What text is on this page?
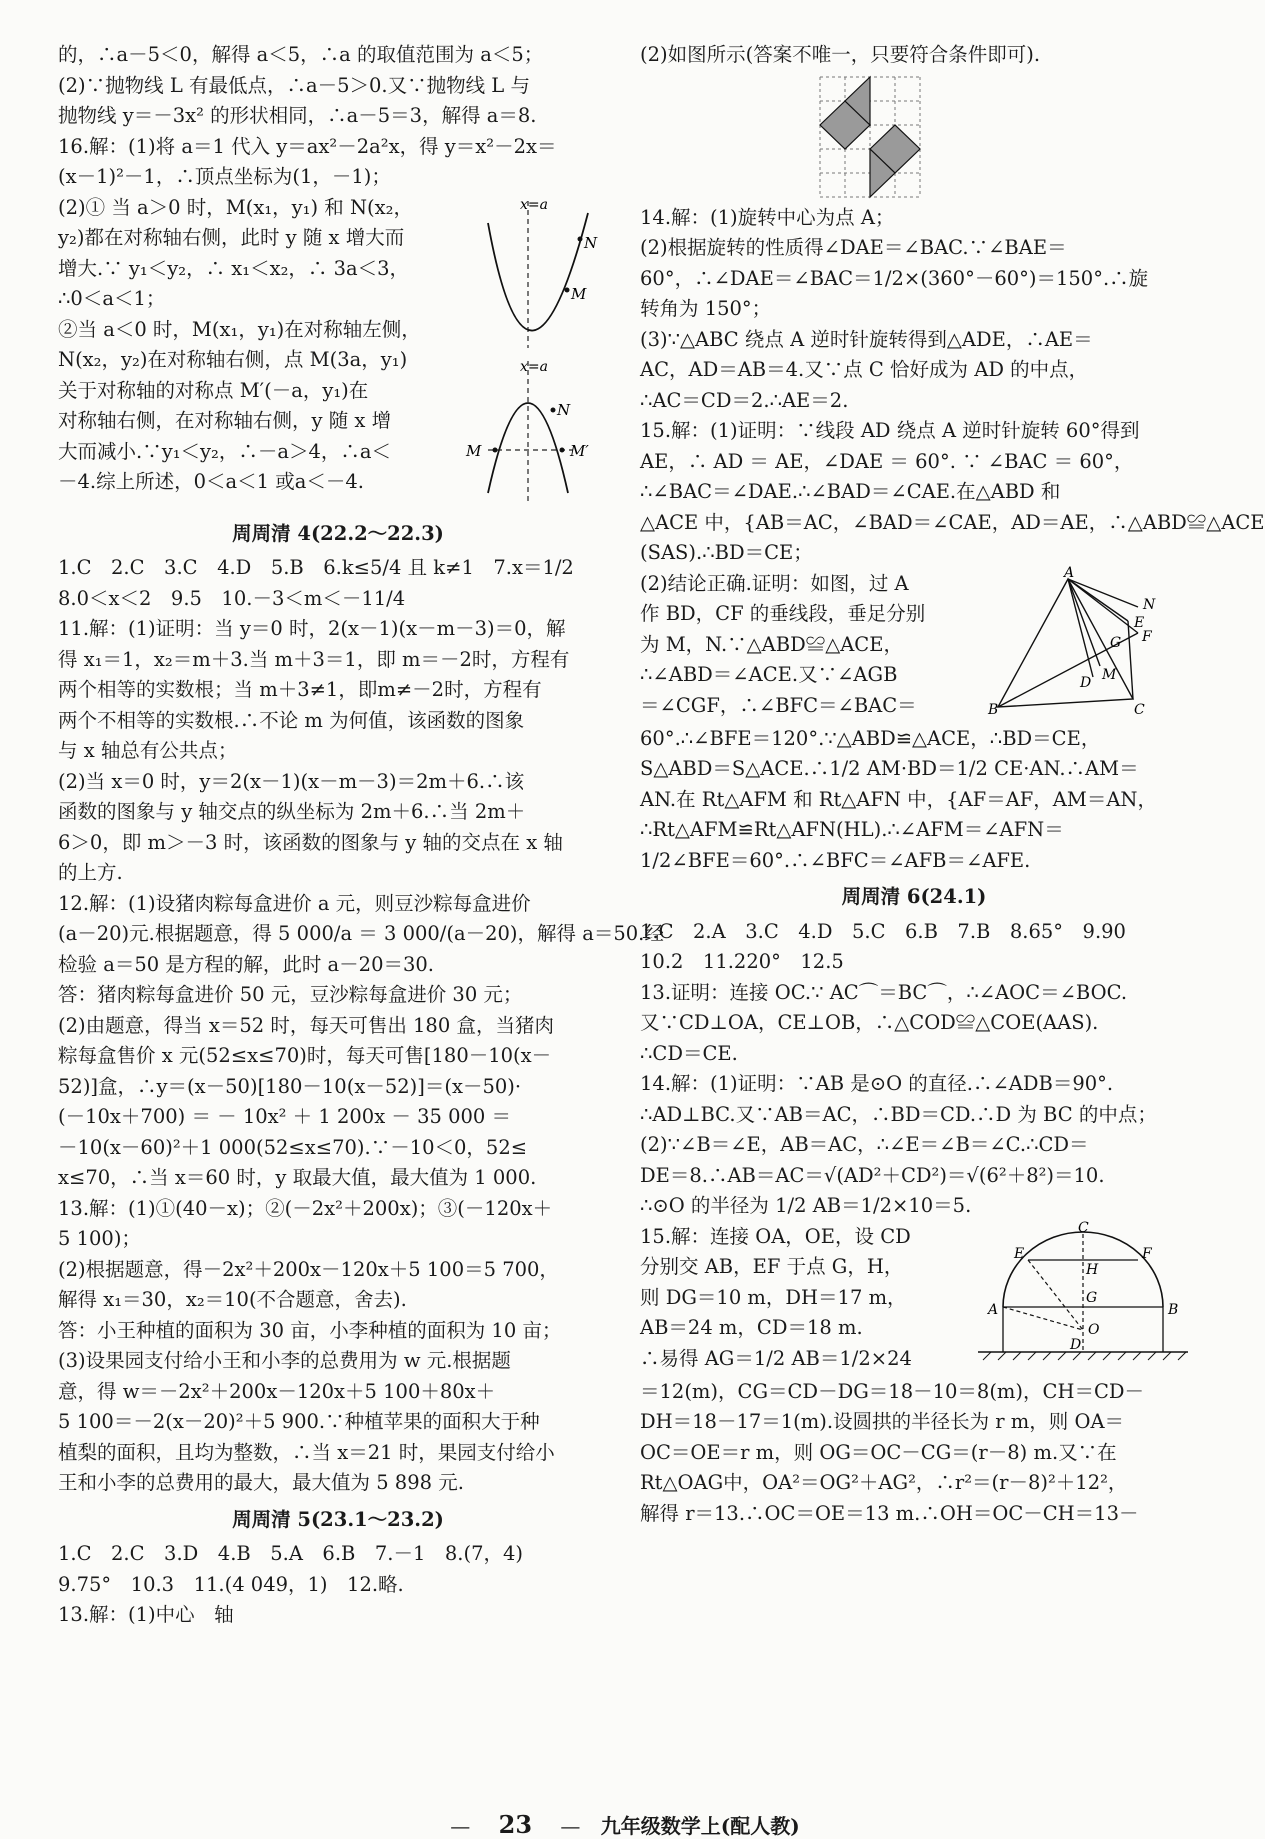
的，∴a－5＜0，解得 a＜5，∴a 的取值范围为 a＜5；
(2)∵抛物线 L 有最低点，∴a－5＞0.又∵抛物线 L 与
抛物线 y＝－3x² 的形状相同，∴a－5＝3，解得 a＝8.
16.解：(1)将 a＝1 代入 y＝ax²－2a²x，得 y＝x²－2x＝
(x－1)²－1，∴顶点坐标为(1，－1)；
(2)① 当 a＞0 时，M(x₁，y₁) 和 N(x₂，
y₂)都在对称轴右侧，此时 y 随 x 增大而
增大.∵ y₁＜y₂，∴ x₁＜x₂，∴ 3a＜3，
∴0＜a＜1；
②当 a＜0 时，M(x₁，y₁)在对称轴左侧，
N(x₂，y₂)在对称轴右侧，点 M(3a，y₁)
关于对称轴的对称点 M′(－a，y₁)在
对称轴右侧，在对称轴右侧，y 随 x 增
大而减小.∵y₁＜y₂，∴－a＞4，∴a＜
－4.综上所述，0＜a＜1 或a＜－4.
x=a
N
M
x=a
N
M	M′
周周清 4(22.2～22.3)
1.C　2.C　3.C　4.D　5.B　6.k≤5/4 且 k≠1　7.x＝1/2
8.0＜x＜2　9.5　10.－3＜m＜－11/4
11.解：(1)证明：当 y＝0 时，2(x－1)(x－m－3)＝0，解
得 x₁＝1，x₂＝m＋3.当 m＋3＝1，即 m＝－2时，方程有
两个相等的实数根；当 m＋3≠1，即m≠－2时，方程有
两个不相等的实数根.∴不论 m 为何值，该函数的图象
与 x 轴总有公共点；
(2)当 x＝0 时，y＝2(x－1)(x－m－3)＝2m＋6.∴该
函数的图象与 y 轴交点的纵坐标为 2m＋6.∴当 2m＋
6＞0，即 m＞－3 时，该函数的图象与 y 轴的交点在 x 轴
的上方.
12.解：(1)设猪肉粽每盒进价 a 元，则豆沙粽每盒进价
(a－20)元.根据题意，得 5 000/a ＝ 3 000/(a－20)，解得 a＝50.经
检验 a＝50 是方程的解，此时 a－20＝30.
答：猪肉粽每盒进价 50 元，豆沙粽每盒进价 30 元；
(2)由题意，得当 x＝52 时，每天可售出 180 盒，当猪肉
粽每盒售价 x 元(52≤x≤70)时，每天可售[180－10(x－
52)]盒，∴y＝(x－50)[180－10(x－52)]＝(x－50)·
(－10x＋700) ＝ － 10x² ＋ 1 200x － 35 000 ＝
－10(x－60)²＋1 000(52≤x≤70).∵－10＜0，52≤
x≤70，∴当 x＝60 时，y 取最大值，最大值为 1 000.
13.解：(1)①(40－x)；②(－2x²＋200x)；③(－120x＋
5 100)；
(2)根据题意，得－2x²＋200x－120x＋5 100＝5 700，
解得 x₁＝30，x₂＝10(不合题意，舍去).
答：小王种植的面积为 30 亩，小李种植的面积为 10 亩；
(3)设果园支付给小王和小李的总费用为 w 元.根据题
意，得 w＝－2x²＋200x－120x＋5 100＋80x＋
5 100＝－2(x－20)²＋5 900.∵种植苹果的面积大于种
植梨的面积，且均为整数，∴当 x＝21 时，果园支付给小
王和小李的总费用的最大，最大值为 5 898 元.
周周清 5(23.1～23.2)
1.C　2.C　3.D　4.B　5.A　6.B　7.－1　8.(7，4)
9.75°　10.3　11.(4 049，1)　12.略.
13.解：(1)中心　轴
(2)如图所示(答案不唯一，只要符合条件即可).
14.解：(1)旋转中心为点 A；
(2)根据旋转的性质得∠DAE＝∠BAC.∵∠BAE＝
60°，∴∠DAE＝∠BAC＝1/2×(360°－60°)＝150°.∴旋
转角为 150°；
(3)∵△ABC 绕点 A 逆时针旋转得到△ADE，∴AE＝
AC，AD＝AB＝4.又∵点 C 恰好成为 AD 的中点，
∴AC＝CD＝2.∴AE＝2.
15.解：(1)证明：∵线段 AD 绕点 A 逆时针旋转 60°得到
AE，∴ AD ＝ AE，∠DAE ＝ 60°. ∵ ∠BAC ＝ 60°，
∴∠BAC＝∠DAE.∴∠BAD＝∠CAE.在△ABD 和
△ACE 中，{AB＝AC，∠BAD＝∠CAE，AD＝AE，∴△ABD≌△ACE
(SAS).∴BD＝CE；
(2)结论正确.证明：如图，过 A
作 BD，CF 的垂线段，垂足分别
为 M，N.∵△ABD≌△ACE，
∴∠ABD＝∠ACE.又∵∠AGB
＝∠CGF，∴∠BFC＝∠BAC＝
A
N
E
G F
D M
B	C
60°.∴∠BFE＝120°.∵△ABD≌△ACE，∴BD＝CE，
S△ABD＝S△ACE.∴1/2 AM·BD＝1/2 CE·AN.∴AM＝
AN.在 Rt△AFM 和 Rt△AFN 中，{AF＝AF，AM＝AN，
∴Rt△AFM≌Rt△AFN(HL).∴∠AFM＝∠AFN＝
1/2∠BFE＝60°.∴∠BFC＝∠AFB＝∠AFE.
周周清 6(24.1)
1.C　2.A　3.C　4.D　5.C　6.B　7.B　8.65°　9.90
10.2　11.220°　12.5
13.证明：连接 OC.∵ AC⌒＝BC⌒，∴∠AOC＝∠BOC.
又∵CD⊥OA，CE⊥OB，∴△COD≌△COE(AAS).
∴CD＝CE.
14.解：(1)证明：∵AB 是⊙O 的直径.∴∠ADB＝90°.
∴AD⊥BC.又∵AB＝AC，∴BD＝CD.∴D 为 BC 的中点；
(2)∵∠B＝∠E，AB＝AC，∴∠E＝∠B＝∠C.∴CD＝
DE＝8.∴AB＝AC＝√(AD²＋CD²)＝√(6²＋8²)＝10.
∴⊙O 的半径为 1/2 AB＝1/2×10＝5.
15.解：连接 OA，OE，设 CD
分别交 AB，EF 于点 G，H，
则 DG＝10 m，DH＝17 m，
AB＝24 m，CD＝18 m.
∴易得 AG＝1/2 AB＝1/2×24
C
E	F
H
G
A	B
O
D
＝12(m)，CG＝CD－DG＝18－10＝8(m)，CH＝CD－
DH＝18－17＝1(m).设圆拱的半径长为 r m，则 OA＝
OC＝OE＝r m，则 OG＝OC－CG＝(r－8) m.又∵在
Rt△OAG中，OA²＝OG²＋AG²，∴r²＝(r－8)²＋12²，
解得 r＝13.∴OC＝OE＝13 m.∴OH＝OC－CH＝13－
— 23 — 九年级数学上(配人教)
